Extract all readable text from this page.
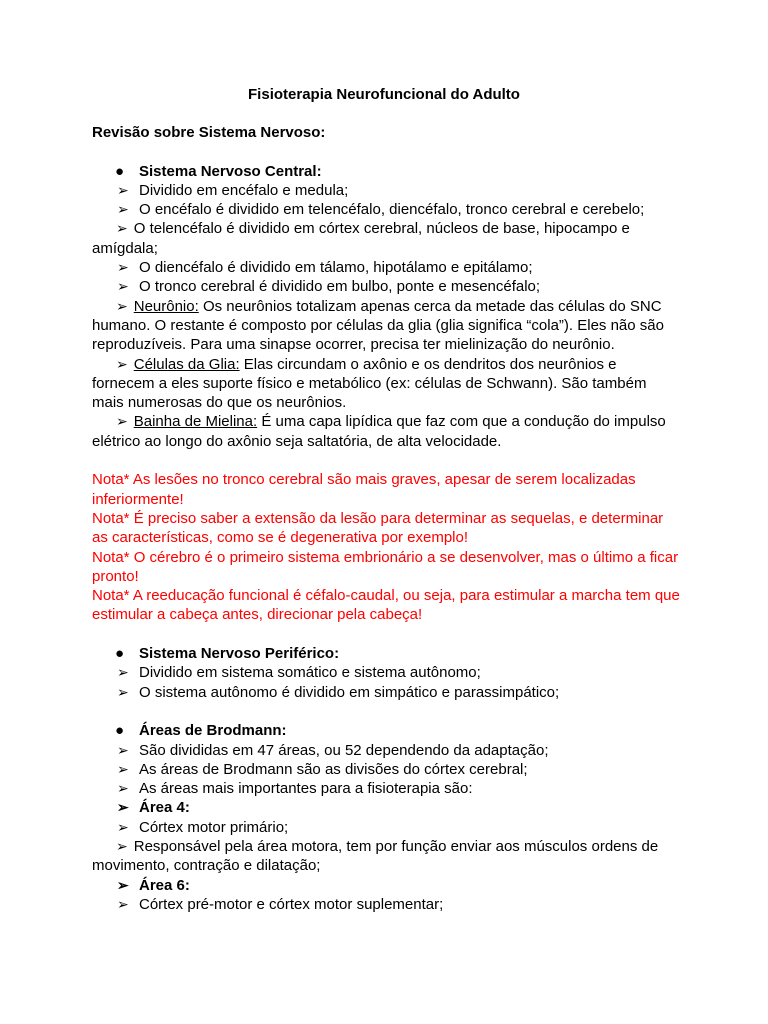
Fisioterapia Neurofuncional do Adulto
Revisão sobre Sistema Nervoso:
● Sistema Nervoso Central:
➢ Dividido em encéfalo e medula;
➢ O encéfalo é dividido em telencéfalo, diencéfalo, tronco cerebral e cerebelo;
➢ O telencéfalo é dividido em córtex cerebral, núcleos de base, hipocampo e amígdala;
➢ O diencéfalo é dividido em tálamo, hipotálamo e epitálamo;
➢ O tronco cerebral é dividido em bulbo, ponte e mesencéfalo;
➢ Neurônio: Os neurônios totalizam apenas cerca da metade das células do SNC humano. O restante é composto por células da glia (glia significa “cola”). Eles não são reproduzíveis. Para uma sinapse ocorrer, precisa ter mielinização do neurônio.
➢ Células da Glia: Elas circundam o axônio e os dendritos dos neurônios e fornecem a eles suporte físico e metabólico (ex: células de Schwann). São também mais numerosas do que os neurônios.
➢ Bainha de Mielina: É uma capa lipídica que faz com que a condução do impulso elétrico ao longo do axônio seja saltatória, de alta velocidade.
Nota* As lesões no tronco cerebral são mais graves, apesar de serem localizadas inferiormente!
Nota* É preciso saber a extensão da lesão para determinar as sequelas, e determinar as características, como se é degenerativa por exemplo!
Nota* O cérebro é o primeiro sistema embrionário a se desenvolver, mas o último a ficar pronto!
Nota* A reeducação funcional é céfalo-caudal, ou seja, para estimular a marcha tem que estimular a cabeça antes, direcionar pela cabeça!
● Sistema Nervoso Periférico:
➢ Dividido em sistema somático e sistema autônomo;
➢ O sistema autônomo é dividido em simpático e parassimpático;
● Áreas de Brodmann:
➢ São divididas em 47 áreas, ou 52 dependendo da adaptação;
➢ As áreas de Brodmann são as divisões do córtex cerebral;
➢ As áreas mais importantes para a fisioterapia são:
➢ Área 4:
➢ Córtex motor primário;
➢ Responsável pela área motora, tem por função enviar aos músculos ordens de movimento, contração e dilatação;
➢ Área 6:
➢ Córtex pré-motor e córtex motor suplementar;
